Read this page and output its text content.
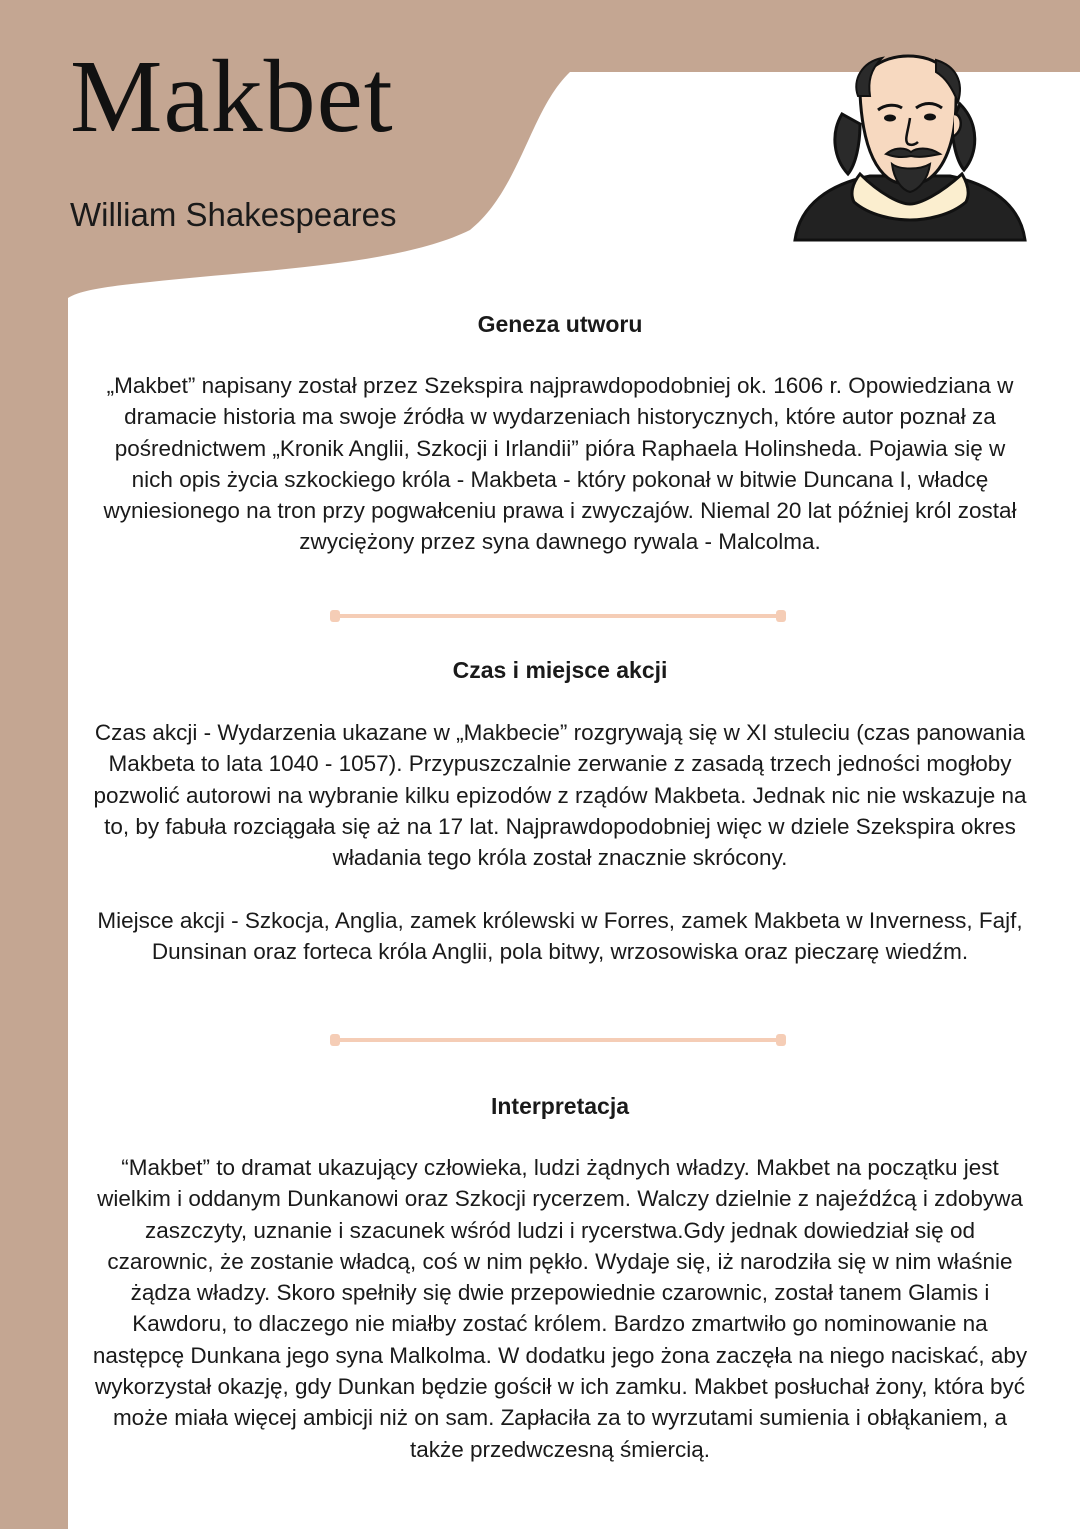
Makbet

William Shakespeares

Geneza utworu

„Makbet” napisany został przez Szekspira najprawdopodobniej ok. 1606 r. Opowiedziana w dramacie historia ma swoje źródła w wydarzeniach historycznych, które autor poznał za pośrednictwem „Kronik Anglii, Szkocji i Irlandii” pióra Raphaela Holinsheda. Pojawia się w nich opis życia szkockiego króla - Makbeta - który pokonał w bitwie Duncana I, władcę wyniesionego na tron przy pogwałceniu prawa i zwyczajów. Niemal 20 lat później król został zwyciężony przez syna dawnego rywala - Malcolma.

Czas i miejsce akcji

Czas akcji - Wydarzenia ukazane w „Makbecie” rozgrywają się w XI stuleciu (czas panowania Makbeta to lata 1040 - 1057). Przypuszczalnie zerwanie z zasadą trzech jedności mogłoby pozwolić autorowi na wybranie kilku epizodów z rządów Makbeta. Jednak nic nie wskazuje na to, by fabuła rozciągała się aż na 17 lat. Najprawdopodobniej więc w dziele Szekspira okres władania tego króla został znacznie skrócony.

Miejsce akcji - Szkocja, Anglia, zamek królewski w Forres, zamek Makbeta w Inverness, Fajf, Dunsinan oraz forteca króla Anglii, pola bitwy, wrzosowiska oraz pieczarę wiedźm.

Interpretacja

“Makbet” to dramat ukazujący człowieka, ludzi żądnych władzy. Makbet na początku jest wielkim i oddanym Dunkanowi oraz Szkocji rycerzem. Walczy dzielnie z najeźdźcą i zdobywa zaszczyty, uznanie i szacunek wśród ludzi i rycerstwa.Gdy jednak dowiedział się od czarownic, że zostanie władcą, coś w nim pękło. Wydaje się, iż narodziła się w nim właśnie żądza władzy. Skoro spełniły się dwie przepowiednie czarownic, został tanem Glamis i Kawdoru, to dlaczego nie miałby zostać królem. Bardzo zmartwiło go nominowanie na następcę Dunkana jego syna Malkolma. W dodatku jego żona zaczęła na niego naciskać, aby wykorzystał okazję, gdy Dunkan będzie gościł w ich zamku. Makbet posłuchał żony, która być może miała więcej ambicji niż on sam. Zapłaciła za to wyrzutami sumienia i obłąkaniem, a także przedwczesną śmiercią.
